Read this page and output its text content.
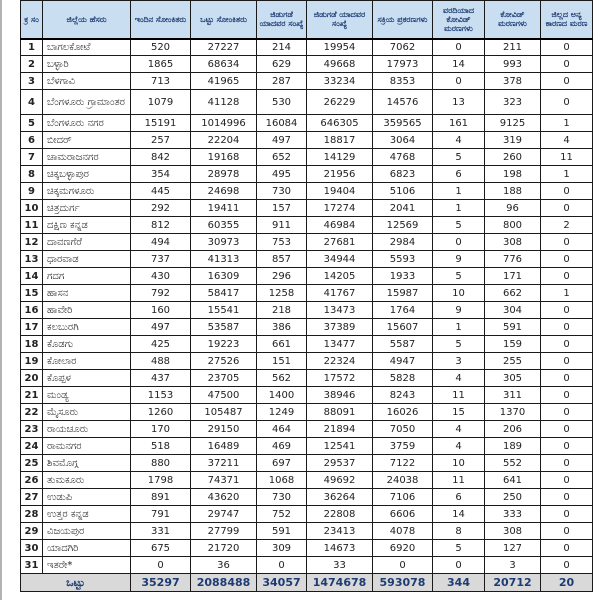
ಕ್ರ ಸಂ	ಜಿಲ್ಲೆಯ ಹೆಸರು	ಇಂದಿನ ಸೋಂಕಿತರು	ಒಟ್ಟು ಸೋಂಕಿತರು	ಜಿಡುಗಡೆ ಯಾದವರ ಸಂಖ್ಯೆ	ಜಿಡುಗಡೆ ಯಾದವರ ಸಂಖ್ಯೆ	ಸಕ್ರಿಯ ಪ್ರಕರಣಗಳು	ವರದಿಯಾದ ಕೋವಿಡ್ ಮರಣಗಳು	ಕೋವಿಡ್ ಮರಣಗಳು	ಜಿಲ್ಲದ ಅನ್ಯ ಕಾರಣದ ಮರಣ
1	ಬಾಗಲಕೋಟೆ	520	27227	214	19954	7062	0	211	0
2	ಬಳ್ಳಾರಿ	1865	68634	629	49668	17973	14	993	0
3	ಬೆಳಗಾವಿ	713	41965	287	33234	8353	0	378	0
4	ಬೆಂಗಳೂರು ಗ್ರಾಮಾಂತರ	1079	41128	530	26229	14576	13	323	0
5	ಬೆಂಗಳೂರು ನಗರ	15191	1014996	16084	646305	359565	161	9125	1
6	ಬೀದರ್	257	22204	497	18817	3064	4	319	4
7	ಚಾಮರಾಜನಗರ	842	19168	652	14129	4768	5	260	11
8	ಚಿಕ್ಕಬಳ್ಳಾಪುರ	354	28978	495	21956	6823	6	198	1
9	ಚಿಕ್ಕಮಗಳೂರು	445	24698	730	19404	5106	1	188	0
10	ಚಿತ್ರದುರ್ಗ	292	19411	157	17274	2041	1	96	0
11	ದಕ್ಷಿಣ ಕನ್ನಡ	812	60355	911	46984	12569	5	800	2
12	ದಾವಣಗೆರೆ	494	30973	753	27681	2984	0	308	0
13	ಧಾರವಾಡ	737	41313	857	34944	5593	9	776	0
14	ಗದಗ	430	16309	296	14205	1933	5	171	0
15	ಹಾಸನ	792	58417	1258	41767	15987	10	662	1
16	ಹಾವೇರಿ	160	15541	218	13473	1764	9	304	0
17	ಕಲಬುರಗಿ	497	53587	386	37389	15607	1	591	0
18	ಕೊಡಗು	425	19223	661	13477	5587	5	159	0
19	ಕೋಲಾರ	488	27526	151	22324	4947	3	255	0
20	ಕೊಪ್ಪಳ	437	23705	562	17572	5828	4	305	0
21	ಮಂಡ್ಯ	1153	47500	1400	38946	8243	11	311	0
22	ಮೈಸೂರು	1260	105487	1249	88091	16026	15	1370	0
23	ರಾಯಚೂರು	170	29150	464	21894	7050	4	206	0
24	ರಾಮನಗರ	518	16489	469	12541	3759	4	189	0
25	ಶಿವಮೊಗ್ಗ	880	37211	697	29537	7122	10	552	0
26	ತುಮಕೂರು	1798	74371	1068	49692	24038	11	641	0
27	ಉಡುಪಿ	891	43620	730	36264	7106	6	250	0
28	ಉತ್ತರ ಕನ್ನಡ	791	29747	752	22808	6606	14	333	0
29	ವಿಜಯಪುರ	331	27799	591	23413	4078	8	308	0
30	ಯಾದಗಿರಿ	675	21720	309	14673	6920	5	127	0
31	ಇತರೇ*	0	36	0	33	0	0	3	0
ಒಟ್ಟು		35297	2088488	34057	1474678	593078	344	20712	20
